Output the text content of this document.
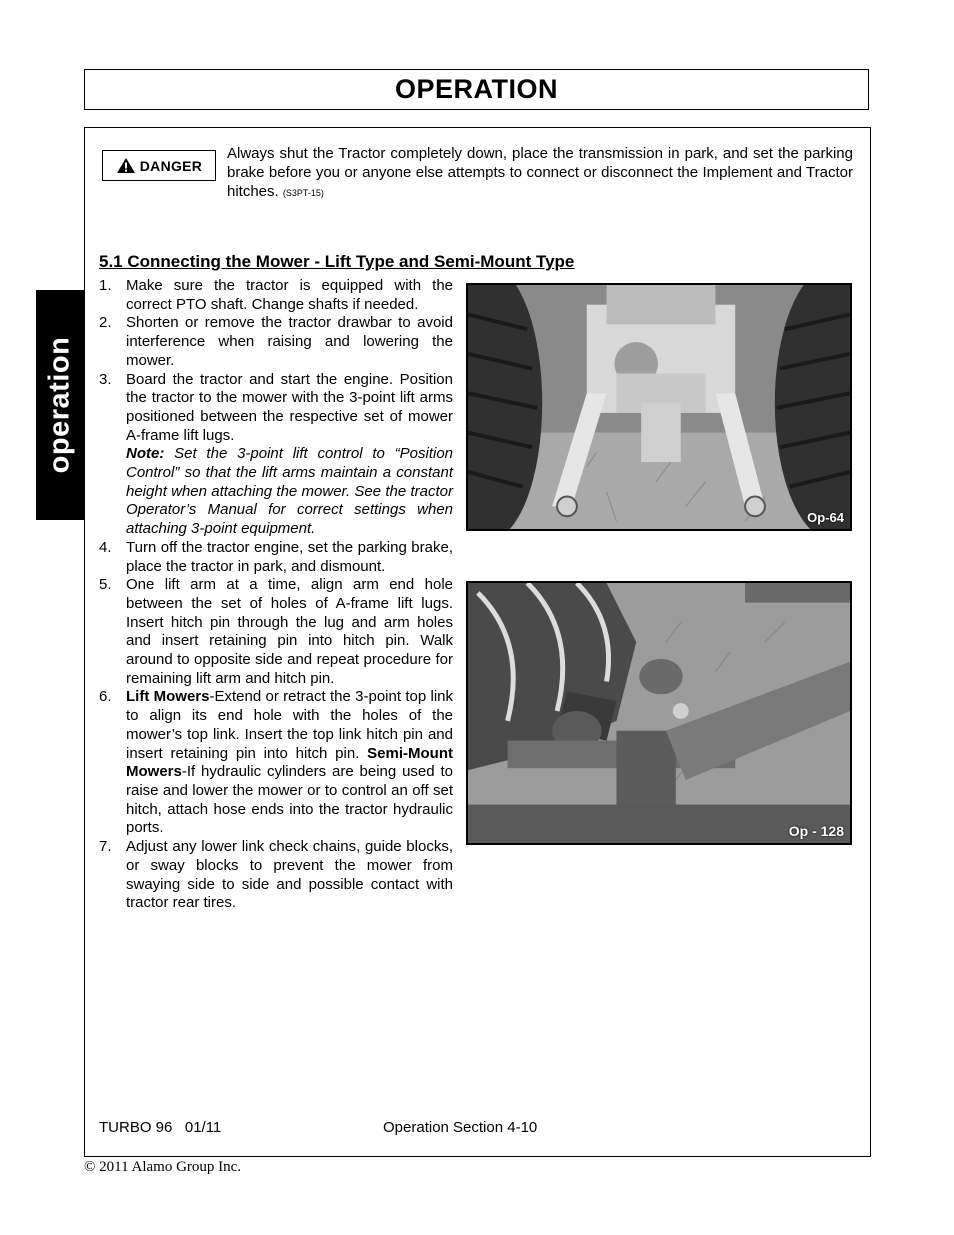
OPERATION
operation
DANGER
Always shut the Tractor completely down, place the transmission in park, and set the parking brake before you or anyone else attempts to connect or disconnect the Implement and Tractor hitches. (S3PT-15)
5.1 Connecting the Mower - Lift Type and Semi-Mount Type
1. Make sure the tractor is equipped with the correct PTO shaft. Change shafts if needed.
2. Shorten or remove the tractor drawbar to avoid interference when raising and lowering the mower.
3. Board the tractor and start the engine. Position the tractor to the mower with the 3-point lift arms positioned between the respective set of mower A-frame lift lugs.
Note: Set the 3-point lift control to “Position Control” so that the lift arms maintain a constant height when attaching the mower. See the tractor Operator’s Manual for correct settings when attaching 3-point equipment.
4. Turn off the tractor engine, set the parking brake, place the tractor in park, and dismount.
5. One lift arm at a time, align arm end hole between the set of holes of A-frame lift lugs. Insert hitch pin through the lug and arm holes and insert retaining pin into hitch pin. Walk around to opposite side and repeat procedure for remaining lift arm and hitch pin.
6. Lift Mowers-Extend or retract the 3-point top link to align its end hole with the holes of the mower’s top link. Insert the top link hitch pin and insert retaining pin into hitch pin. Semi-Mount Mowers-If hydraulic cylinders are being used to raise and lower the mower or to control an off set hitch, attach hose ends into the tractor hydraulic ports.
7. Adjust any lower link check chains, guide blocks, or sway blocks to prevent the mower from swaying side to side and possible contact with tractor rear tires.
Op-64
Op - 128
TURBO 96   01/11	Operation Section 4-10
© 2011 Alamo Group Inc.
